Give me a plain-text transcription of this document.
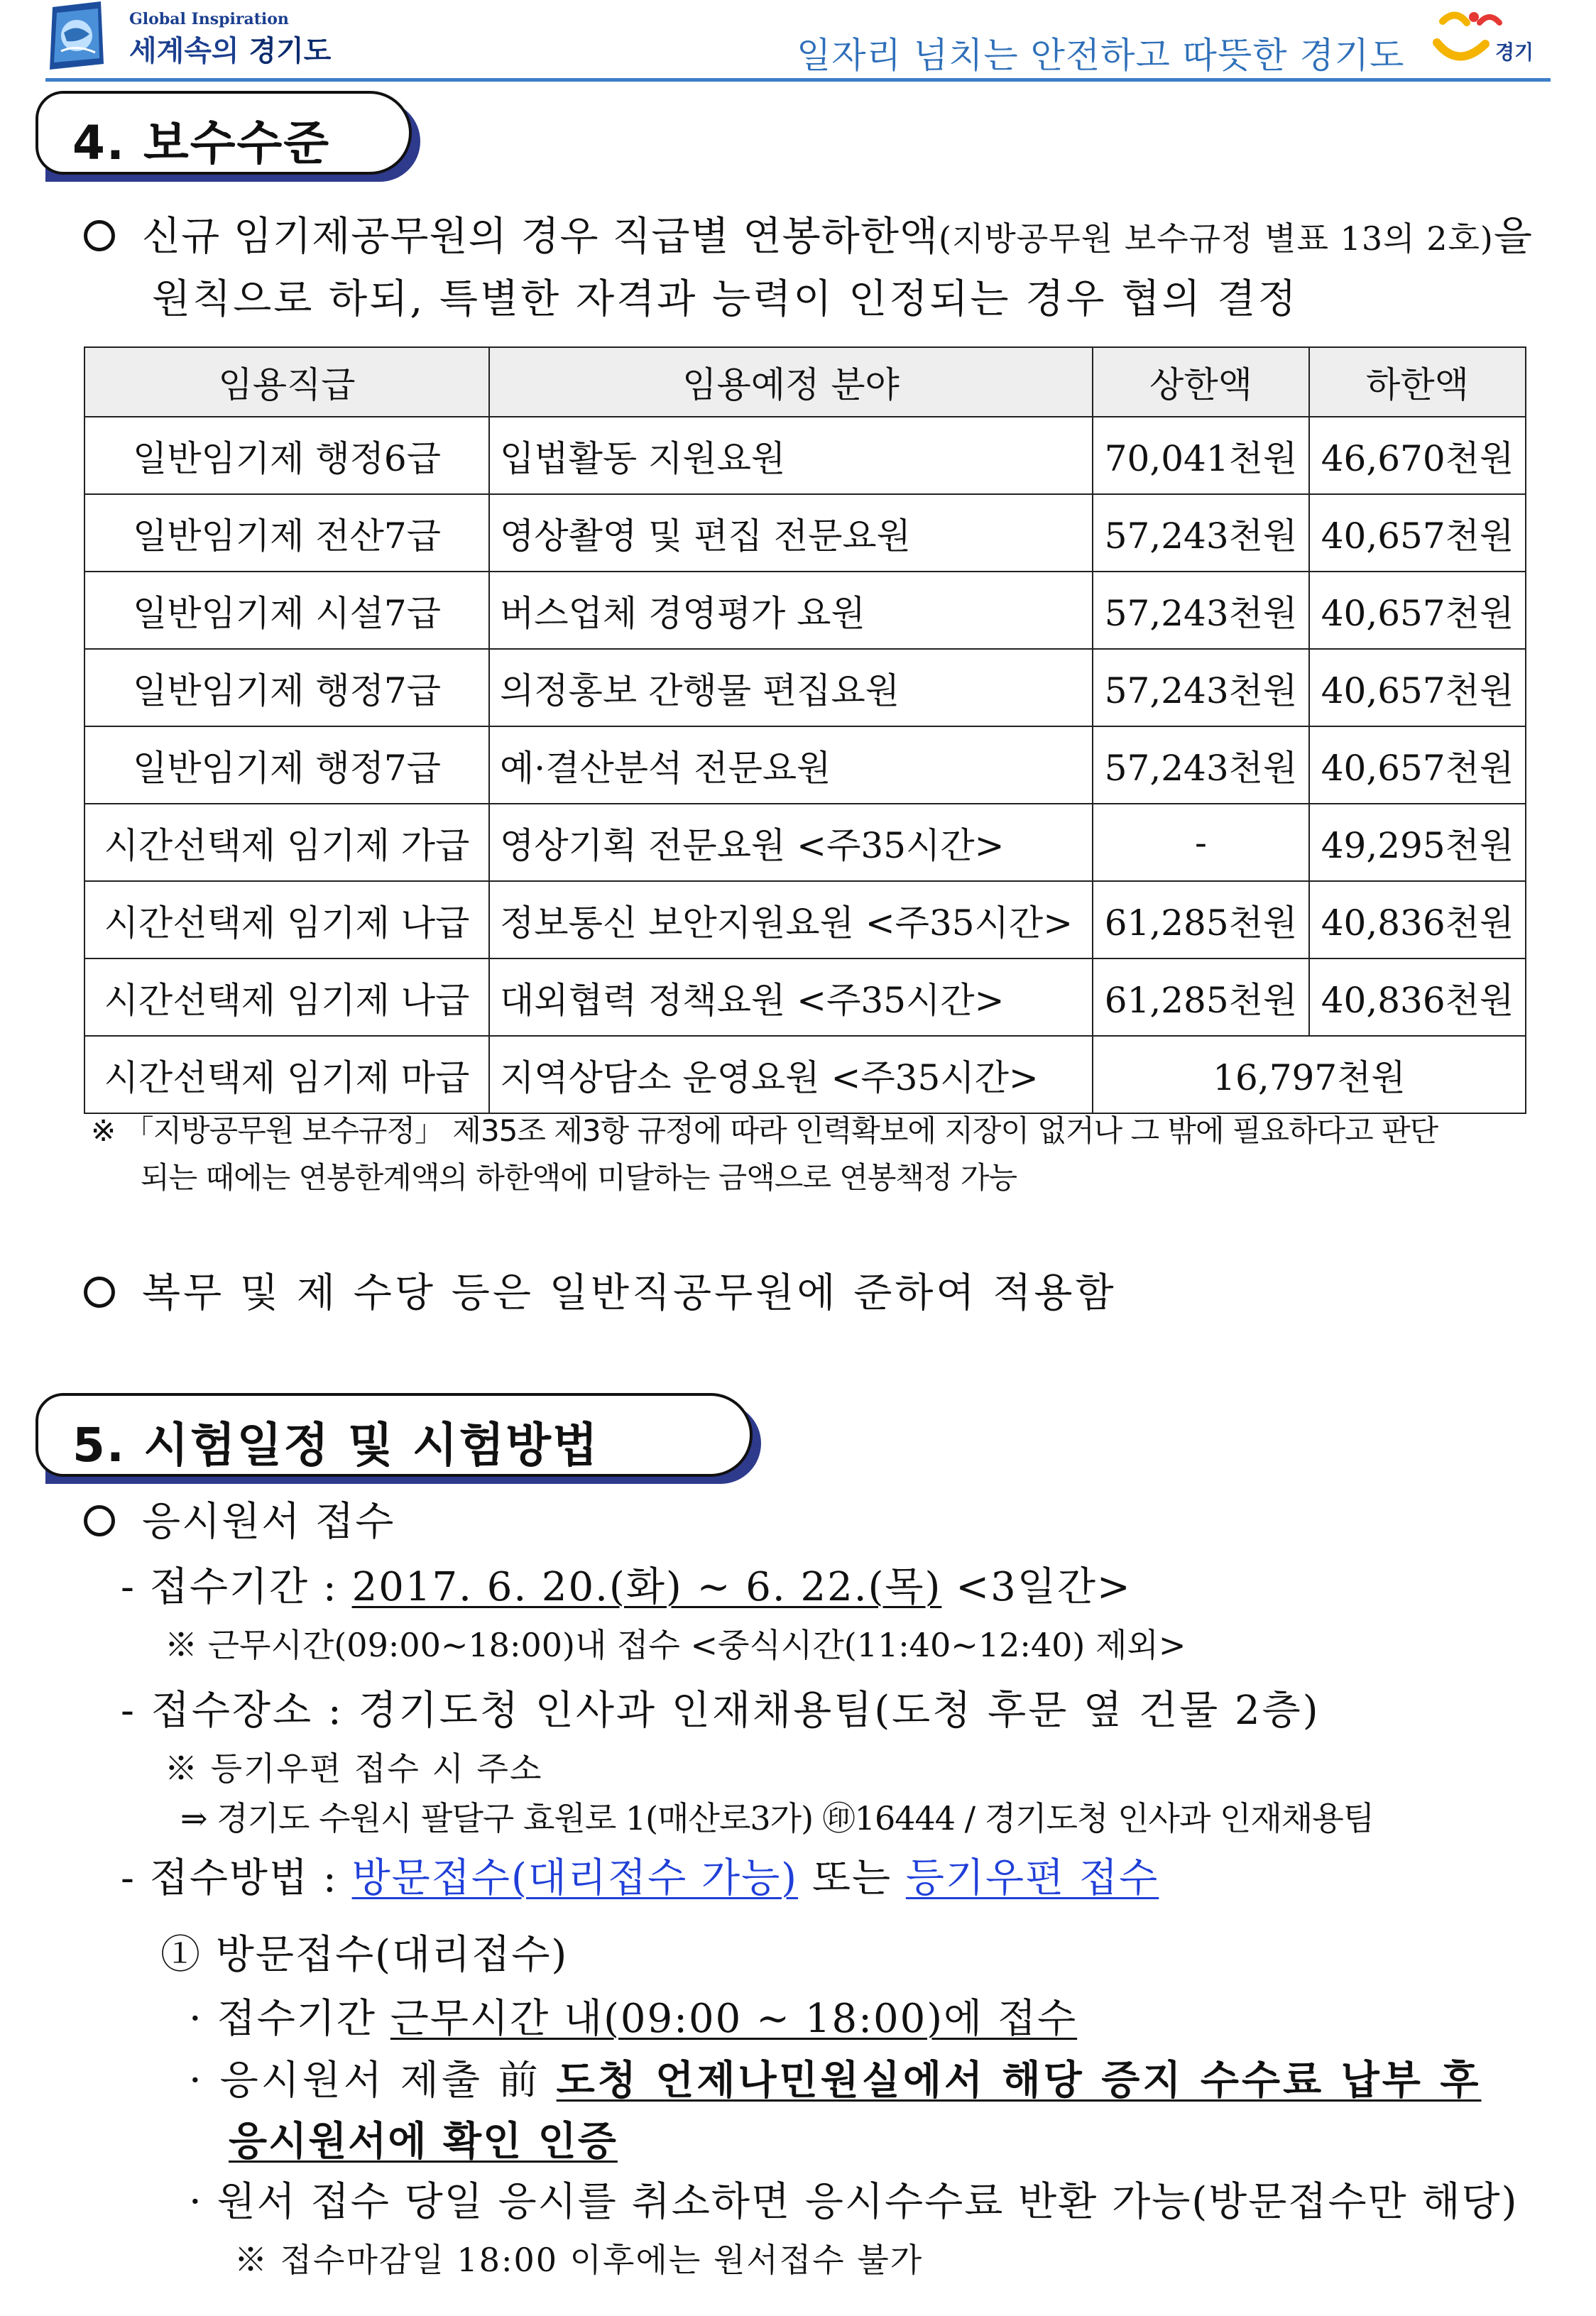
Global Inspiration
세계속의 경기도	일자리 넘치는 안전하고 따뜻한 경기도	경기
4. 보수수준
신규 임기제공무원의 경우 직급별 연봉하한액(지방공무원 보수규정 별표 13의 2호)을
원칙으로 하되, 특별한 자격과 능력이 인정되는 경우 협의 결정
임용직급	임용예정 분야	상한액	하한액
일반임기제 행정6급	입법활동 지원요원	70,041천원	46,670천원
일반임기제 전산7급	영상촬영 및 편집 전문요원	57,243천원	40,657천원
일반임기제 시설7급	버스업체 경영평가 요원	57,243천원	40,657천원
일반임기제 행정7급	의정홍보 간행물 편집요원	57,243천원	40,657천원
일반임기제 행정7급	예·결산분석 전문요원	57,243천원	40,657천원
시간선택제 임기제 가급	영상기획 전문요원 <주35시간>	-	49,295천원
시간선택제 임기제 나급	정보통신 보안지원요원 <주35시간>	61,285천원	40,836천원
시간선택제 임기제 나급	대외협력 정책요원 <주35시간>	61,285천원	40,836천원
시간선택제 임기제 마급	지역상담소 운영요원 <주35시간>	16,797천원	
※ 「지방공무원 보수규정」 제35조 제3항 규정에 따라 인력확보에 지장이 없거나 그 밖에 필요하다고 판단
되는 때에는 연봉한계액의 하한액에 미달하는 금액으로 연봉책정 가능
복무 및 제 수당 등은 일반직공무원에 준하여 적용함
5. 시험일정 및 시험방법
응시원서 접수
- 접수기간 : 2017. 6. 20.(화) ~ 6. 22.(목) <3일간>
※ 근무시간(09:00~18:00)내 접수 <중식시간(11:40~12:40) 제외>
- 접수장소 : 경기도청 인사과 인재채용팀(도청 후문 옆 건물 2층)
※ 등기우편 접수 시 주소
⇒ 경기도 수원시 팔달구 효원로 1(매산로3가) ㊞16444 / 경기도청 인사과 인재채용팀
- 접수방법 : 방문접수(대리접수 가능) 또는 등기우편 접수
① 방문접수(대리접수)
· 접수기간 근무시간 내(09:00 ~ 18:00)에 접수
· 응시원서 제출 前 도청 언제나민원실에서 해당 증지 수수료 납부 후
응시원서에 확인 인증
· 원서 접수 당일 응시를 취소하면 응시수수료 반환 가능(방문접수만 해당)
※ 접수마감일 18:00 이후에는 원서접수 불가
